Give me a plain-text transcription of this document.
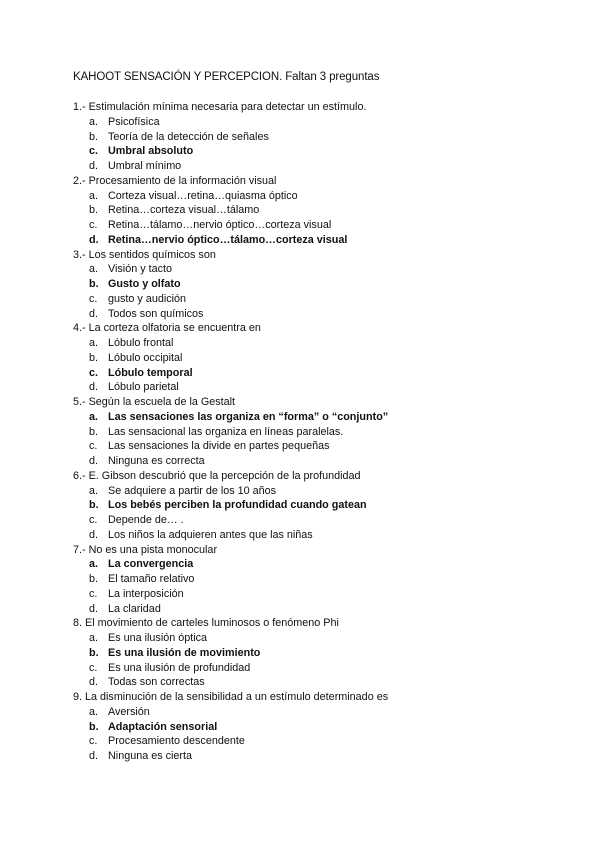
KAHOOT SENSACIÓN Y PERCEPCION. Faltan 3 preguntas
1.- Estimulación mínima necesaria para detectar un estímulo.
a. Psicofísica
b. Teoría de la detección de señales
c. Umbral absoluto
d. Umbral mínimo
2.- Procesamiento de la información visual
a. Corteza visual…retina…quiasma óptico
b. Retina…corteza visual…tálamo
c. Retina…tálamo…nervio óptico…corteza visual
d. Retina…nervio óptico…tálamo…corteza visual
3.- Los sentidos químicos son
a. Visión y tacto
b. Gusto y olfato
c. gusto y audición
d. Todos son químicos
4.- La corteza olfatoria se encuentra en
a. Lóbulo frontal
b. Lóbulo occipital
c. Lóbulo temporal
d. Lóbulo parietal
5.- Según la escuela de la Gestalt
a. Las sensaciones las organiza en “forma” o “conjunto”
b. Las sensacional las organiza en líneas paralelas.
c. Las sensaciones la divide en partes pequeñas
d. Ninguna es correcta
6.- E. Gibson descubrió que la percepción de la profundidad
a. Se adquiere a partir de los 10 años
b. Los bebés perciben la profundidad cuando gatean
c. Depende de… .
d. Los niños la adquieren antes que las niñas
7.- No es una pista monocular
a. La convergencia
b. El tamaño relativo
c. La interposición
d. La claridad
8. El movimiento de carteles luminosos o fenómeno Phi
a. Es una ilusión óptica
b. Es una ilusión de movimiento
c. Es una ilusión de profundidad
d. Todas son correctas
9. La disminución de la sensibilidad a un estímulo determinado es
a. Aversión
b. Adaptación sensorial
c. Procesamiento descendente
d. Ninguna es cierta
